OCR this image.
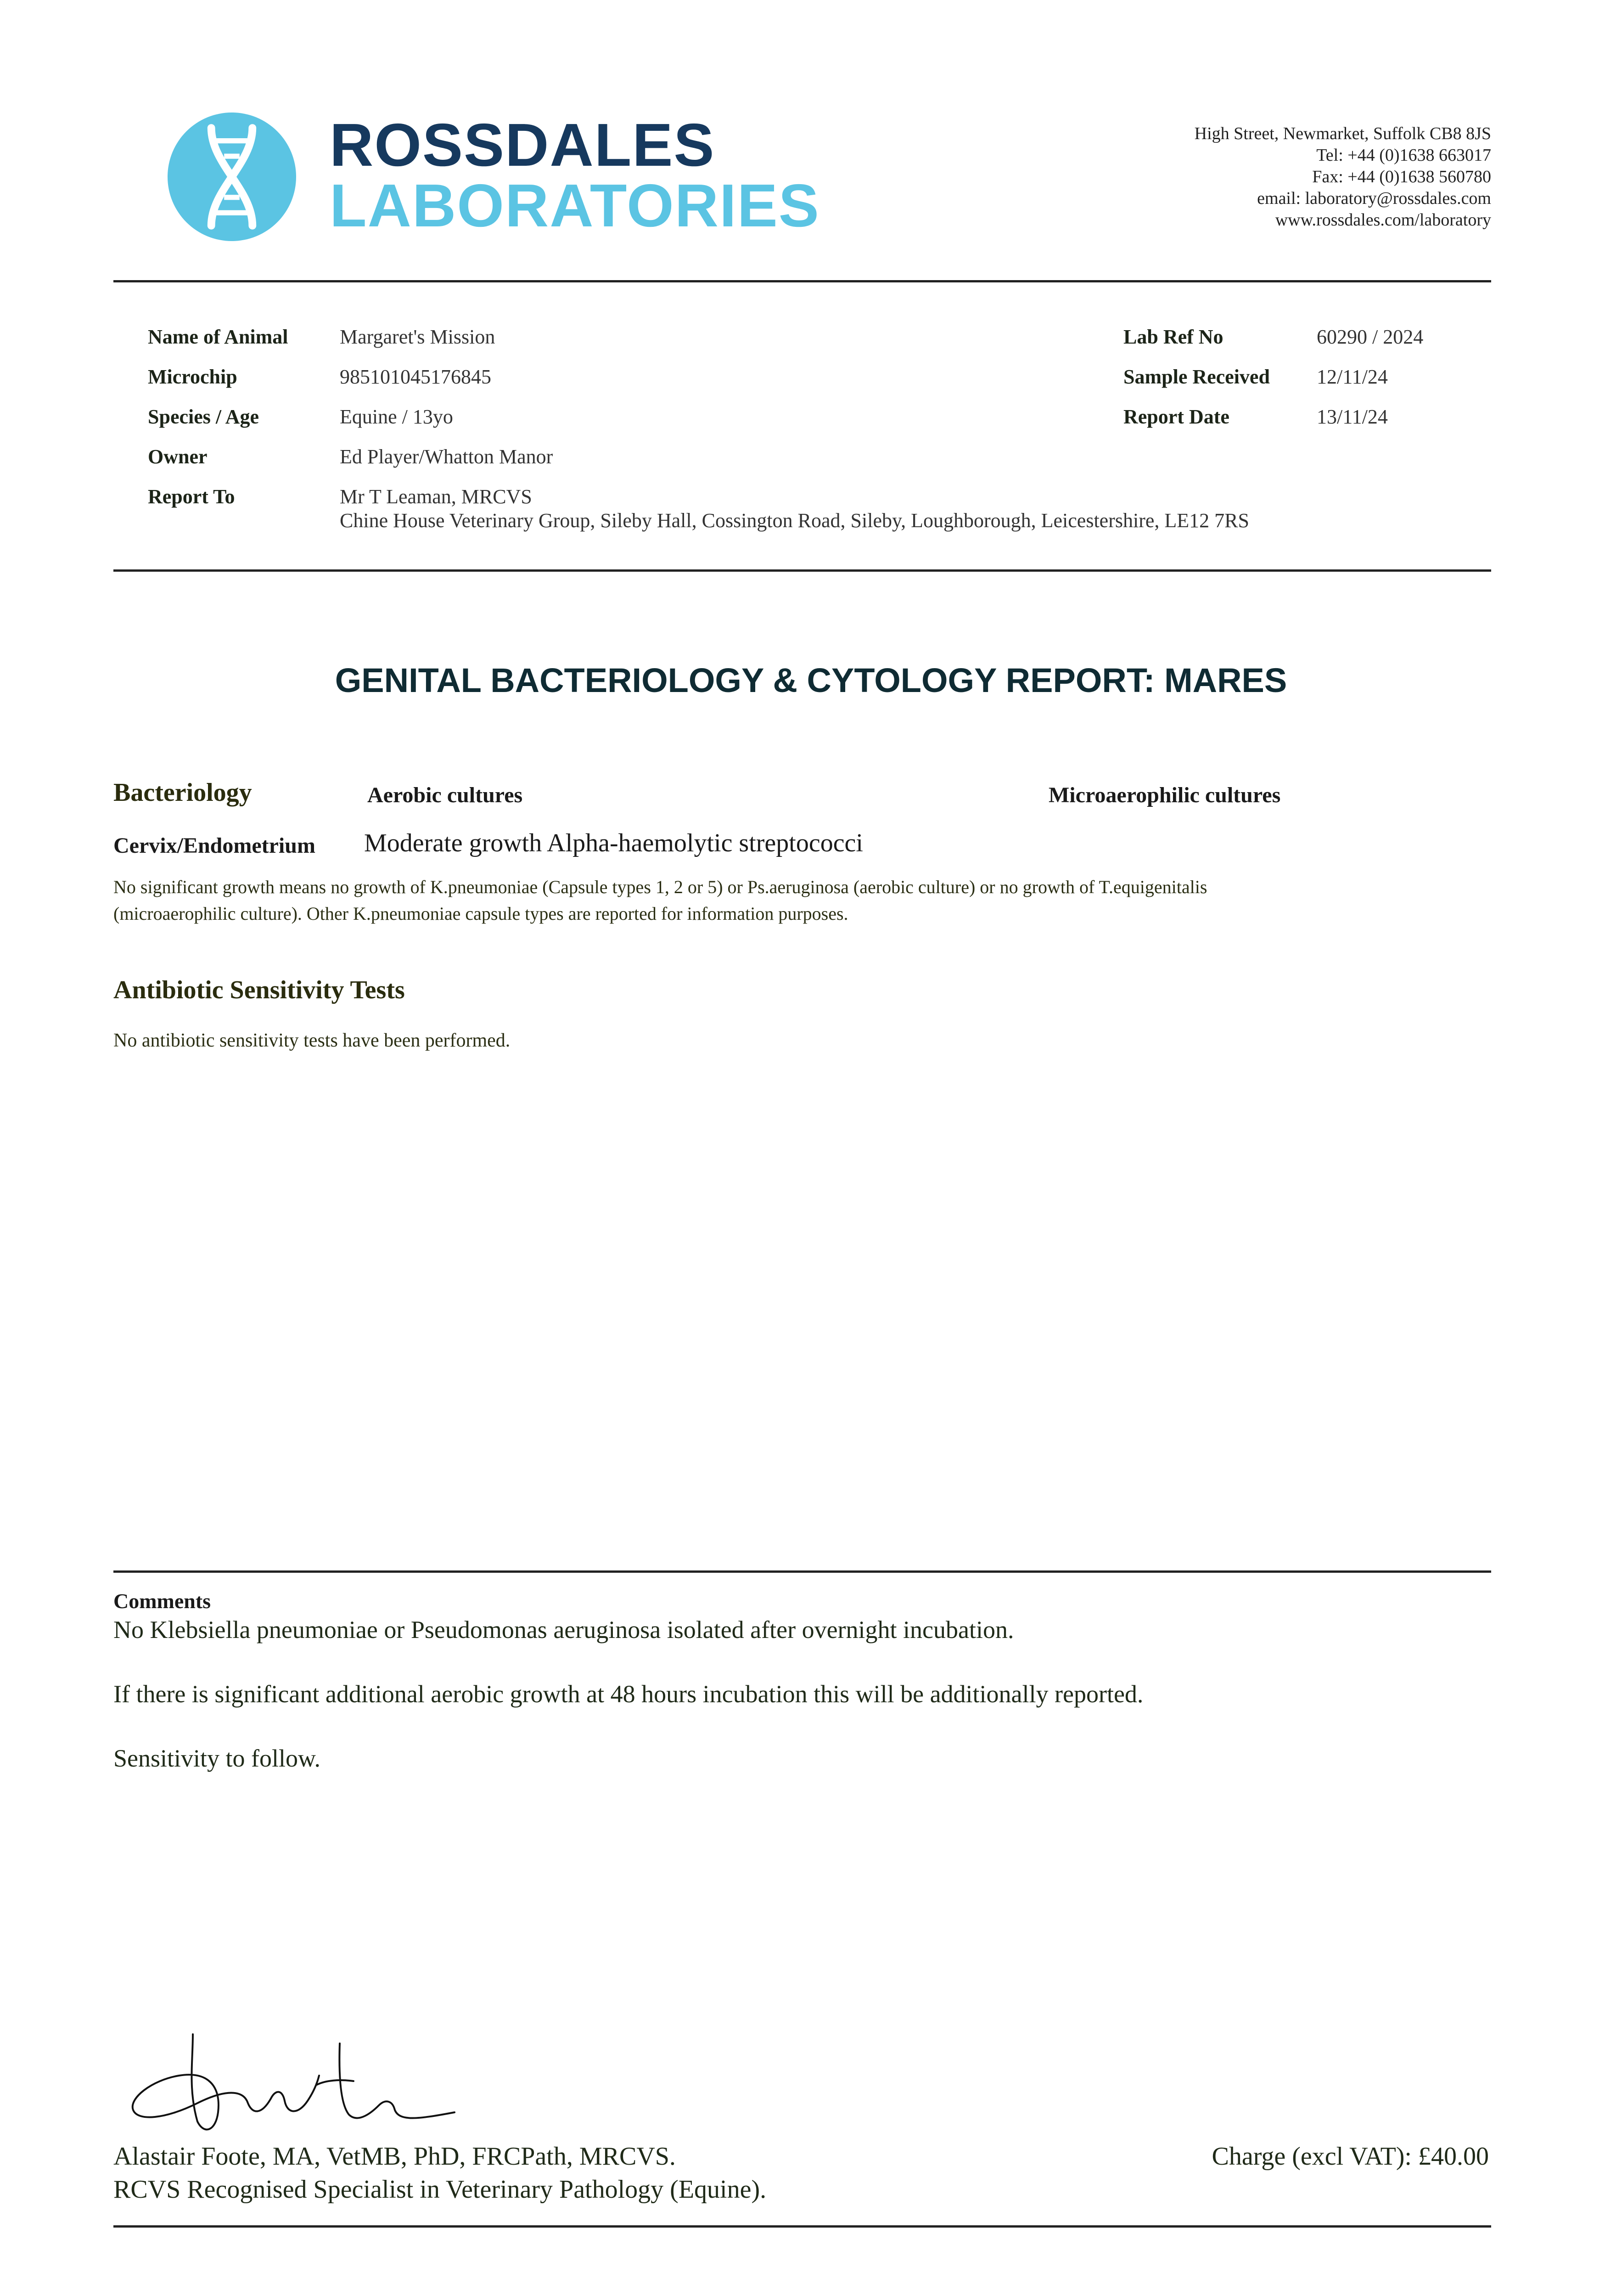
ROSSDALES
LABORATORIES
High Street, Newmarket, Suffolk CB8 8JS
Tel: +44 (0)1638 663017
Fax: +44 (0)1638 560780
email: laboratory@rossdales.com
www.rossdales.com/laboratory
Name of Animal	Margaret's Mission
Microchip	985101045176845
Species / Age	Equine / 13yo
Owner	Ed Player/Whatton Manor
Report To	Mr T Leaman, MRCVS
Chine House Veterinary Group, Sileby Hall, Cossington Road, Sileby, Loughborough, Leicestershire, LE12 7RS
Lab Ref No	60290 / 2024
Sample Received 12/11/24
Report Date	13/11/24
GENITAL BACTERIOLOGY & CYTOLOGY REPORT: MARES
Bacteriology	Aerobic cultures	Microaerophilic cultures
Cervix/Endometrium Moderate growth Alpha-haemolytic streptococci
No significant growth means no growth of K.pneumoniae (Capsule types 1, 2 or 5) or Ps.aeruginosa (aerobic culture) or no growth of T.equigenitalis
(microaerophilic culture). Other K.pneumoniae capsule types are reported for information purposes.
Antibiotic Sensitivity Tests
No antibiotic sensitivity tests have been performed.
Comments
No Klebsiella pneumoniae or Pseudomonas aeruginosa isolated after overnight incubation.
If there is significant additional aerobic growth at 48 hours incubation this will be additionally reported.
Sensitivity to follow.
Alastair Foote, MA, VetMB, PhD, FRCPath, MRCVS.
RCVS Recognised Specialist in Veterinary Pathology (Equine).
Charge (excl VAT): £40.00
